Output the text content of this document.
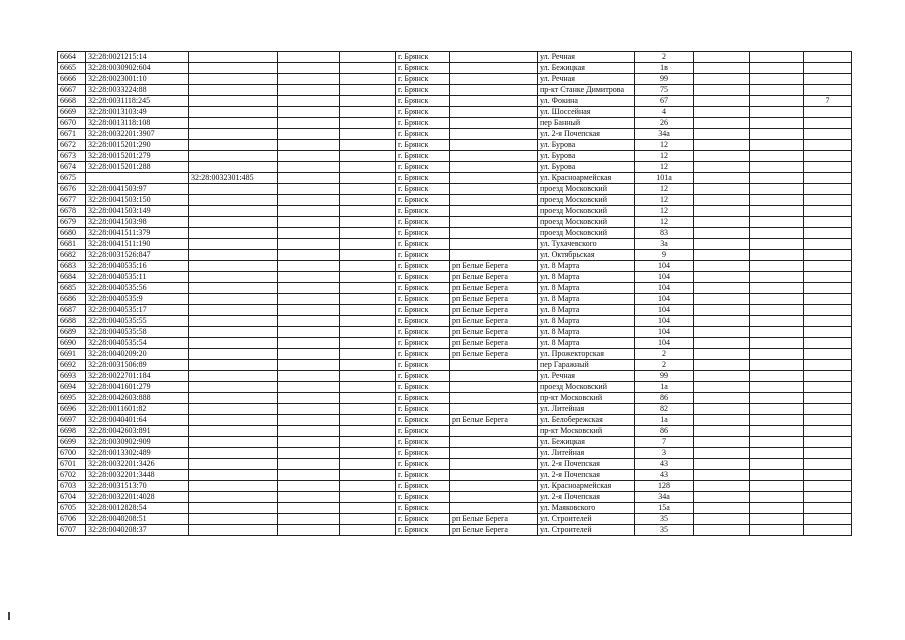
6664	32:28:0021215:14				г. Брянск		ул. Речная	2			
6665	32:28:0030902:604				г. Брянск		ул. Бежицкая	1в			
6666	32:28:0023001:10				г. Брянск		ул. Речная	99			
6667	32:28:0033224:88				г. Брянск		пр-кт Станке Димитрова	75			
6668	32:28:0031118:245				г. Брянск		ул. Фокина	67			7
6669	32:28:0013103:49				г. Брянск		ул. Шоссейная	4			
6670	32:28:0013118:108				г. Брянск		пер Банный	26			
6671	32:28:0032201:3907				г. Брянск		ул. 2-я Почепская	34а			
6672	32:28:0015201:290				г. Брянск		ул. Бурова	12			
6673	32:28:0015201:279				г. Брянск		ул. Бурова	12			
6674	32:28:0015201:288				г. Брянск		ул. Бурова	12			
6675		32:28:0032301:485			г. Брянск		ул. Красноармейская	101а			
6676	32:28:0041503:97				г. Брянск		проезд Московский	12			
6677	32:28:0041503:150				г. Брянск		проезд Московский	12			
6678	32:28:0041503:149				г. Брянск		проезд Московский	12			
6679	32:28:0041503:98				г. Брянск		проезд Московский	12			
6680	32:28:0041511:379				г. Брянск		проезд Московский	83			
6681	32:28:0041511:190				г. Брянск		ул. Тухачевского	3а			
6682	32:28:0031526:847				г. Брянск		ул. Октябрьская	9			
6683	32:28:0040535:16				г. Брянск	рп Белые Берега	ул. 8 Марта	104			
6684	32:28:0040535:11				г. Брянск	рп Белые Берега	ул. 8 Марта	104			
6685	32:28:0040535:56				г. Брянск	рп Белые Берега	ул. 8 Марта	104			
6686	32:28:0040535:9				г. Брянск	рп Белые Берега	ул. 8 Марта	104			
6687	32:28:0040535:17				г. Брянск	рп Белые Берега	ул. 8 Марта	104			
6688	32:28:0040535:55				г. Брянск	рп Белые Берега	ул. 8 Марта	104			
6689	32:28:0040535:58				г. Брянск	рп Белые Берега	ул. 8 Марта	104			
6690	32:28:0040535:54				г. Брянск	рп Белые Берега	ул. 8 Марта	104			
6691	32:28:0040209:20				г. Брянск	рп Белые Берега	ул. Прожекторская	2			
6692	32:28:0031506:89				г. Брянск		пер Гаражный	2			
6693	32:28:0022701:184				г. Брянск		ул. Речная	99			
6694	32:28:0041601:279				г. Брянск		проезд Московский	1а			
6695	32:28:0042603:888				г. Брянск		пр-кт Московский	86			
6696	32:28:0011601:82				г. Брянск		ул. Литейная	82			
6697	32:28:0040401:64				г. Брянск	рп Белые Берега	ул. Белобережская	1а			
6698	32:28:0042603:891				г. Брянск		пр-кт Московский	86			
6699	32:28:0030902:909				г. Брянск		ул. Бежицкая	7			
6700	32:28:0013302:489				г. Брянск		ул. Литейная	3			
6701	32:28:0032201:3426				г. Брянск		ул. 2-я Почепская	43			
6702	32:28:0032201:3448				г. Брянск		ул. 2-я Почепская	43			
6703	32:28:0031513:70				г. Брянск		ул. Красноармейская	128			
6704	32:28:0032201:4028				г. Брянск		ул. 2-я Почепская	34а			
6705	32:28:0012828:54				г. Брянск		ул. Маяковского	15а			
6706	32:28:0040208:51				г. Брянск	рп Белые Берега	ул. Строителей	35			
6707	32:28:0040208:37				г. Брянск	рп Белые Берега	ул. Строителей	35			
